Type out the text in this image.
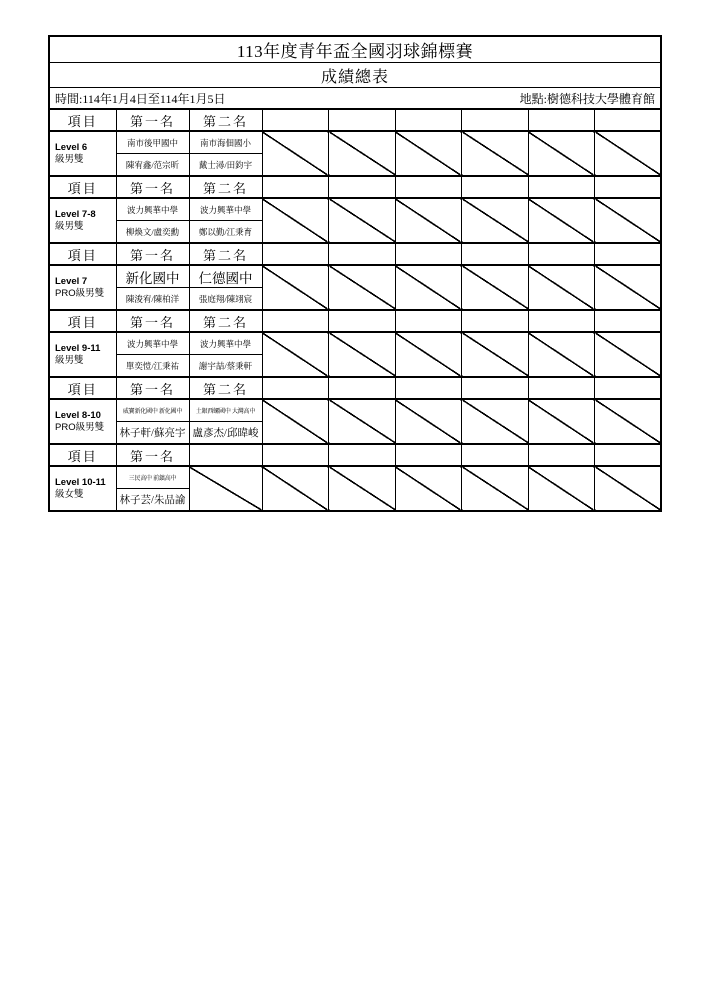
113年度青年盃全國羽球錦標賽								
成績總表								

時間:114年1月4日至114年1月5日 地點:樹德科技大學體育館								

項目	第一名	第二名						

Level 6
級男雙	南市後甲國中	南市海佃國小						
	陳宥鑫/范宗昕	戴士潯/田鈞宇						
項目	第一名	第二名						

Level 7-8
級男雙	波力興華中學	波力興華中學						
	柳煥文/盧奕勳	鄭以勤/江秉育						
項目	第一名	第二名						

Level 7
PRO級男雙	新化國中	仁德國中						
	陳浚宥/陳柏洋	張庭翔/陳翊宸						
項目	第一名	第二名						

Level 9-11
級男雙	波力興華中學	波力興華中學						
	單奕愷/江秉祐	謝宇喆/蔡秉軒						
項目	第一名	第二名						

Level 8-10
PRO級男雙	威寶新化國中 新化國中	土銀西螺國中 大灣高中						
	林子軒/蘇亮宇	盧彥杰/邱暐峻						
項目	第一名							

Level 10-11
級女雙	三民高中 前鎮高中							
	林子芸/朱品諭							
